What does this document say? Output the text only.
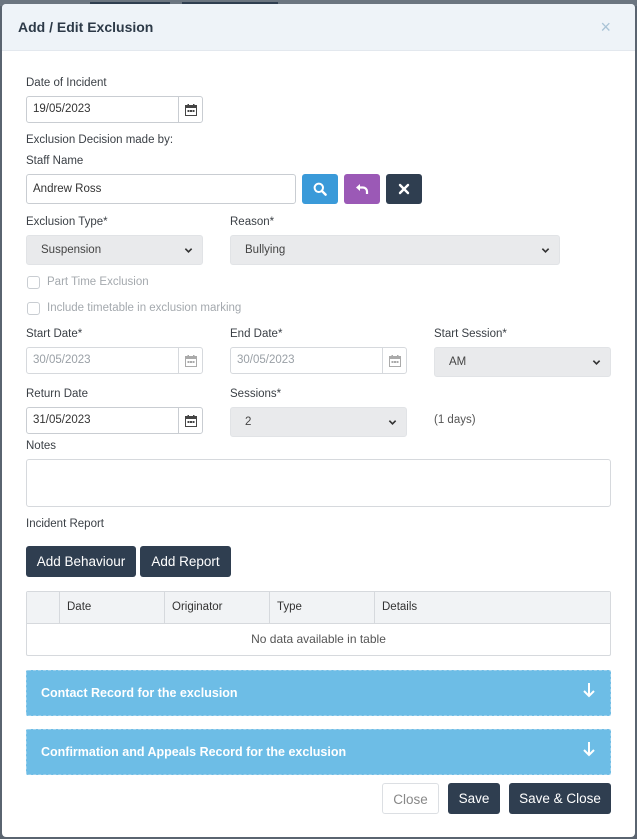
Add / Edit Exclusion	×
Date of Incident
19/05/2023
Exclusion Decision made by:
Staff Name
Andrew Ross
Exclusion Type*	Reason*
Suspension	Bullying
Part Time Exclusion
Include timetable in exclusion marking
Start Date*	End Date*	Start Session*
30/05/2023	30/05/2023	AM
Return Date	Sessions*
31/05/2023	2	(1 days)
Notes
Incident Report
Add Behaviour	Add Report
Date	Originator	Type	Details
No data available in table
Contact Record for the exclusion
Confirmation and Appeals Record for the exclusion
Close	Save	Save & Close
